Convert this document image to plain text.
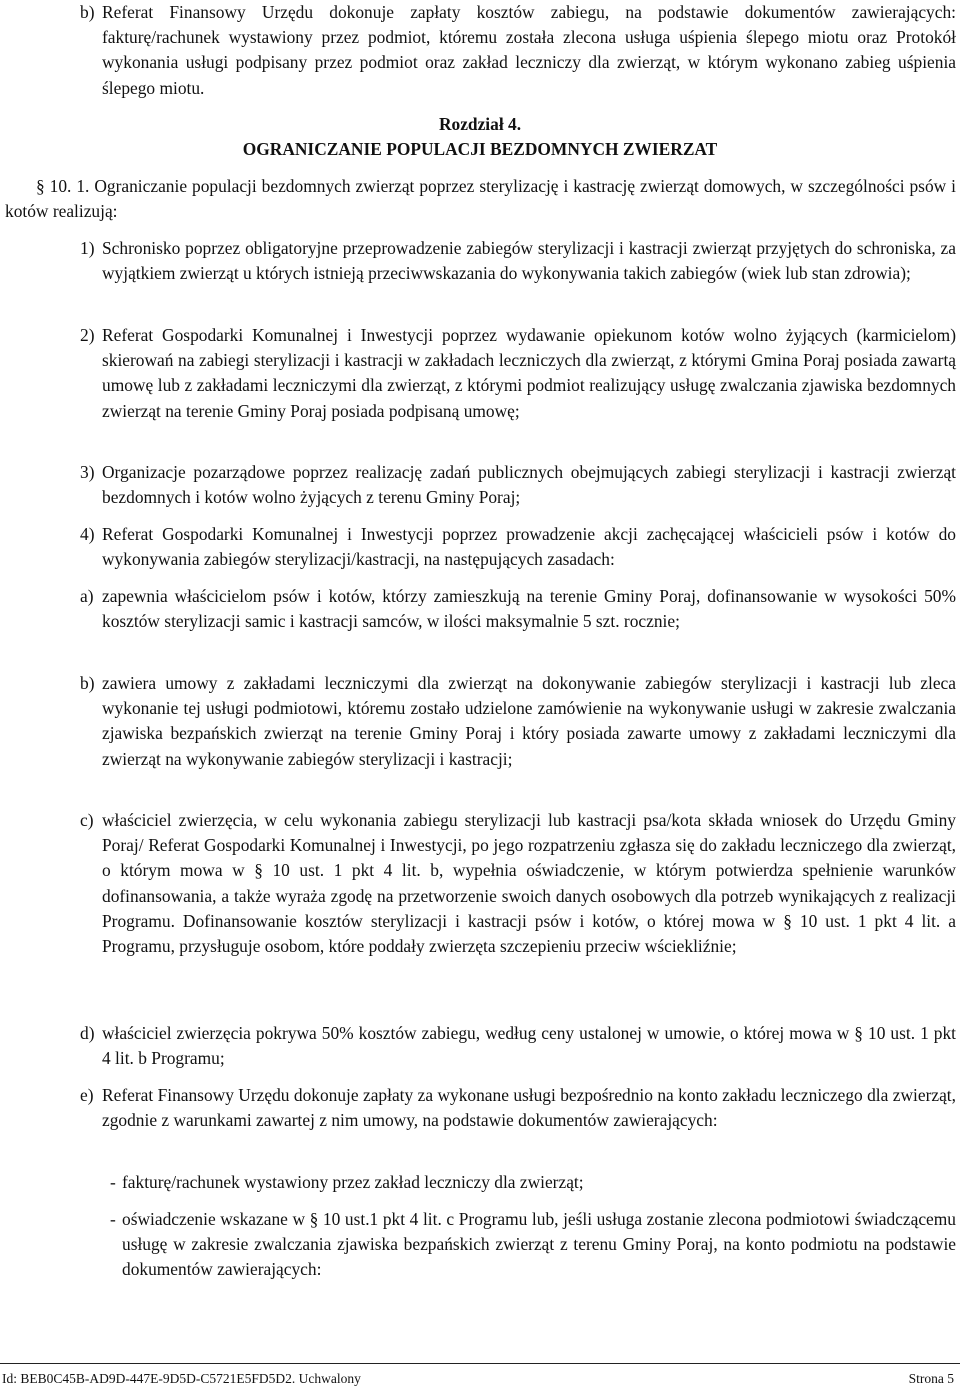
b) Referat Finansowy Urzędu dokonuje zapłaty kosztów zabiegu, na podstawie dokumentów zawierających: fakturę/rachunek wystawiony przez podmiot, któremu została zlecona usługa uśpienia ślepego miotu oraz Protokół wykonania usługi podpisany przez podmiot oraz zakład leczniczy dla zwierząt, w którym wykonano zabieg uśpienia ślepego miotu.

Rozdział 4.
OGRANICZANIE POPULACJI BEZDOMNYCH ZWIERZAT

§ 10. 1. Ograniczanie populacji bezdomnych zwierząt poprzez sterylizację i kastrację zwierząt domowych, w szczególności psów i kotów realizują:

1) Schronisko poprzez obligatoryjne przeprowadzenie zabiegów sterylizacji i kastracji zwierząt przyjętych do schroniska, za wyjątkiem zwierząt u których istnieją przeciwwskazania do wykonywania takich zabiegów (wiek lub stan zdrowia);

2) Referat Gospodarki Komunalnej i Inwestycji poprzez wydawanie opiekunom kotów wolno żyjących (karmicielom) skierowań na zabiegi sterylizacji i kastracji w zakładach leczniczych dla zwierząt, z którymi Gmina Poraj posiada zawartą umowę lub z zakładami leczniczymi dla zwierząt, z którymi podmiot realizujący usługę zwalczania zjawiska bezdomnych zwierząt na terenie Gminy Poraj posiada podpisaną umowę;

3) Organizacje pozarządowe poprzez realizację zadań publicznych obejmujących zabiegi sterylizacji i kastracji zwierząt bezdomnych i kotów wolno żyjących z terenu Gminy Poraj;

4) Referat Gospodarki Komunalnej i Inwestycji poprzez prowadzenie akcji zachęcającej właścicieli psów i kotów do wykonywania zabiegów sterylizacji/kastracji, na następujących zasadach:

a) zapewnia właścicielom psów i kotów, którzy zamieszkują na terenie Gminy Poraj, dofinansowanie w wysokości 50% kosztów sterylizacji samic i kastracji samców, w ilości maksymalnie 5 szt. rocznie;

b) zawiera umowy z zakładami leczniczymi dla zwierząt na dokonywanie zabiegów sterylizacji i kastracji lub zleca wykonanie tej usługi podmiotowi, któremu zostało udzielone zamówienie na wykonywanie usługi w zakresie zwalczania zjawiska bezpańskich zwierząt na terenie Gminy Poraj i który posiada zawarte umowy z zakładami leczniczymi dla zwierząt na wykonywanie zabiegów sterylizacji i kastracji;

c) właściciel zwierzęcia, w celu wykonania zabiegu sterylizacji lub kastracji psa/kota składa wniosek do Urzędu Gminy Poraj/ Referat Gospodarki Komunalnej i Inwestycji, po jego rozpatrzeniu zgłasza się do zakładu leczniczego dla zwierząt, o którym mowa w § 10 ust. 1 pkt 4 lit. b, wypełnia oświadczenie, w którym potwierdza spełnienie warunków dofinansowania, a także wyraża zgodę na przetworzenie swoich danych osobowych dla potrzeb wynikających z realizacji Programu. Dofinansowanie kosztów sterylizacji i kastracji psów i kotów, o której mowa w § 10 ust. 1 pkt 4 lit. a Programu, przysługuje osobom, które poddały zwierzęta szczepieniu przeciw wściekliźnie;

d) właściciel zwierzęcia pokrywa 50% kosztów zabiegu, według ceny ustalonej w umowie, o której mowa w § 10 ust. 1 pkt 4 lit. b Programu;

e) Referat Finansowy Urzędu dokonuje zapłaty za wykonane usługi bezpośrednio na konto zakładu leczniczego dla zwierząt, zgodnie z warunkami zawartej z nim umowy, na podstawie dokumentów zawierających:

- fakturę/rachunek wystawiony przez zakład leczniczy dla zwierząt;

- oświadczenie wskazane w § 10 ust.1 pkt 4 lit. c Programu lub, jeśli usługa zostanie zlecona podmiotowi świadczącemu usługę w zakresie zwalczania zjawiska bezpańskich zwierząt z terenu Gminy Poraj, na konto podmiotu na podstawie dokumentów zawierających:

Id: BEB0C45B-AD9D-447E-9D5D-C5721E5FD5D2. Uchwalony	Strona 5
